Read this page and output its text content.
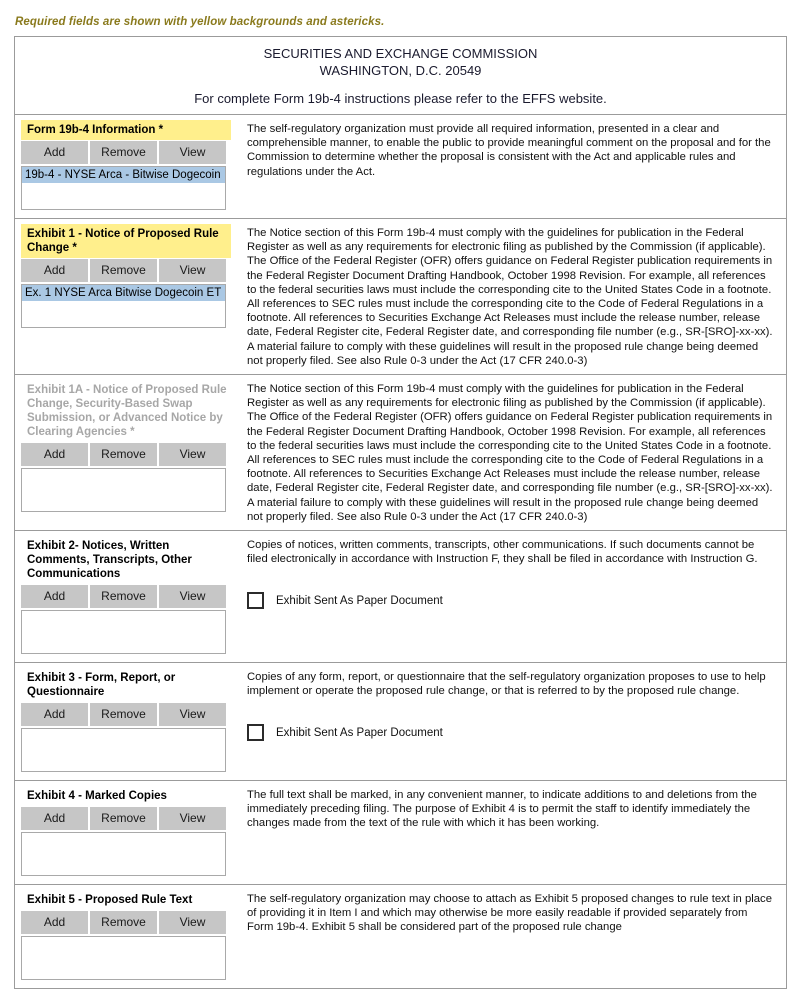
Required fields are shown with yellow backgrounds and astericks.
SECURITIES AND EXCHANGE COMMISSION
WASHINGTON, D.C. 20549
For complete Form 19b-4 instructions please refer to the EFFS website.
Form 19b-4 Information *
Add	Remove	View
19b-4 - NYSE Arca - Bitwise Dogecoin
The self-regulatory organization must provide all required information, presented in a clear and comprehensible manner, to enable the public to provide meaningful comment on the proposal and for the Commission to determine whether the proposal is consistent with the Act and applicable rules and regulations under the Act.
Exhibit 1 - Notice of Proposed Rule Change *
Add	Remove	View
Ex. 1 NYSE Arca Bitwise Dogecoin ET
The Notice section of this Form 19b-4 must comply with the guidelines for publication in the Federal Register as well as any requirements for electronic filing as published by the Commission (if applicable). The Office of the Federal Register (OFR) offers guidance on Federal Register publication requirements in the Federal Register Document Drafting Handbook, October 1998 Revision. For example, all references to the federal securities laws must include the corresponding cite to the United States Code in a footnote. All references to SEC rules must include the corresponding cite to the Code of Federal Regulations in a footnote. All references to Securities Exchange Act Releases must include the release number, release date, Federal Register cite, Federal Register date, and corresponding file number (e.g., SR-[SRO]-xx-xx). A material failure to comply with these guidelines will result in the proposed rule change being deemed not properly filed. See also Rule 0-3 under the Act (17 CFR 240.0-3)
Exhibit 1A - Notice of Proposed Rule Change, Security-Based Swap Submission, or Advanced Notice by Clearing Agencies *
Add	Remove	View
The Notice section of this Form 19b-4 must comply with the guidelines for publication in the Federal Register as well as any requirements for electronic filing as published by the Commission (if applicable). The Office of the Federal Register (OFR) offers guidance on Federal Register publication requirements in the Federal Register Document Drafting Handbook, October 1998 Revision. For example, all references to the federal securities laws must include the corresponding cite to the United States Code in a footnote. All references to SEC rules must include the corresponding cite to the Code of Federal Regulations in a footnote. All references to Securities Exchange Act Releases must include the release number, release date, Federal Register cite, Federal Register date, and corresponding file number (e.g., SR-[SRO]-xx-xx). A material failure to comply with these guidelines will result in the proposed rule change being deemed not properly filed. See also Rule 0-3 under the Act (17 CFR 240.0-3)
Exhibit 2- Notices, Written Comments, Transcripts, Other Communications
Add	Remove	View
Copies of notices, written comments, transcripts, other communications. If such documents cannot be filed electronically in accordance with Instruction F, they shall be filed in accordance with Instruction G.
Exhibit Sent As Paper Document
Exhibit 3 - Form, Report, or Questionnaire
Add	Remove	View
Copies of any form, report, or questionnaire that the self-regulatory organization proposes to use to help implement or operate the proposed rule change, or that is referred to by the proposed rule change.
Exhibit Sent As Paper Document
Exhibit 4 - Marked Copies
Add	Remove	View
The full text shall be marked, in any convenient manner, to indicate additions to and deletions from the immediately preceding filing. The purpose of Exhibit 4 is to permit the staff to identify immediately the changes made from the text of the rule with which it has been working.
Exhibit 5 - Proposed Rule Text
Add	Remove	View
The self-regulatory organization may choose to attach as Exhibit 5 proposed changes to rule text in place of providing it in Item I and which may otherwise be more easily readable if provided separately from Form 19b-4. Exhibit 5 shall be considered part of the proposed rule change
